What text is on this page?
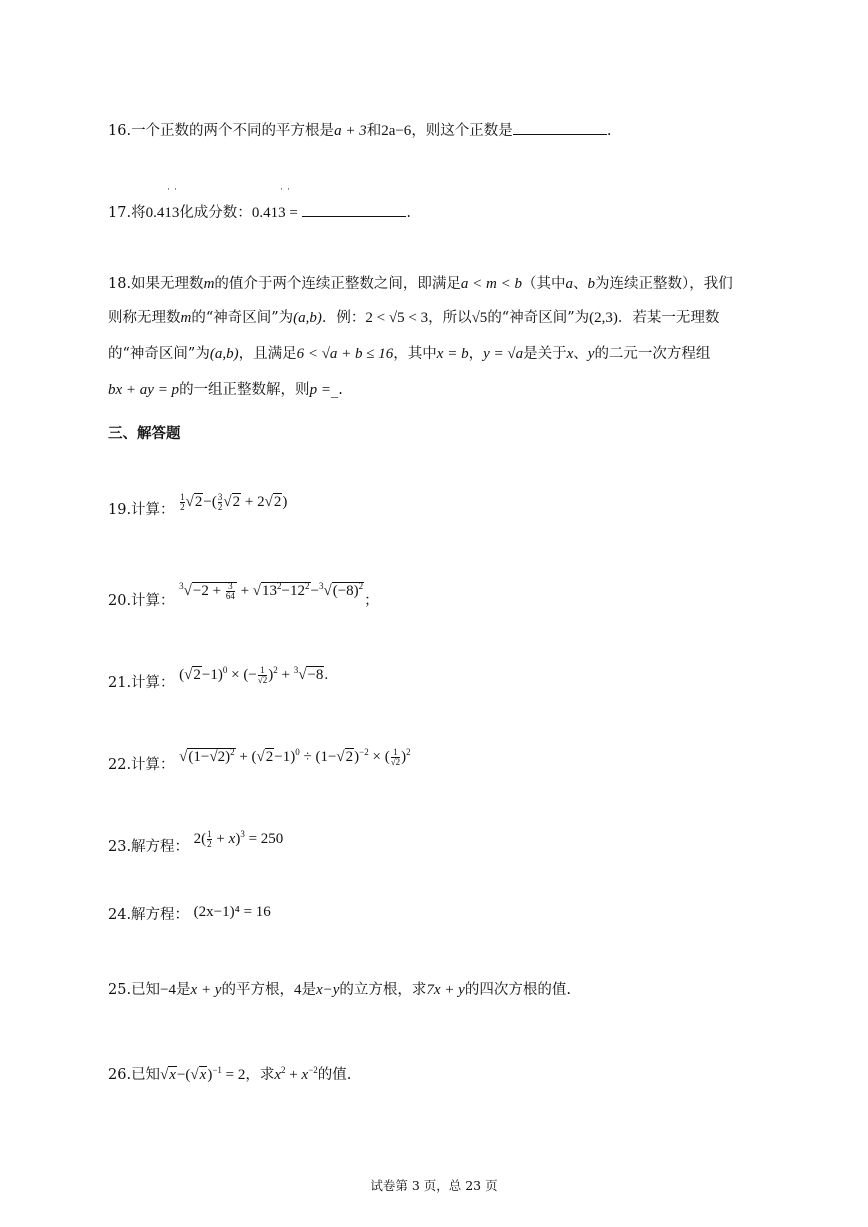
16.一个正数的两个不同的平方根是a + 3和2a−6，则这个正数是	.
˙˙	˙˙
17.将0.413化成分数：0.413 =	.
18.如果无理数m的值介于两个连续正整数之间，即满足a < m < b（其中a、b为连续正整数），我们
则称无理数m的“神奇区间”为(a,b)．例：2 < √5 < 3，所以√5的“神奇区间”为(2,3)．若某一无理数
的“神奇区间”为(a,b)，且满足6 < √a + b ≤ 16，其中x = b，y = √a是关于x、y的二元一次方程组
bx + ay = p的一组正整数解，则p =_.
三、解答题
19.计算： $\frac{1}{2} √2-( \frac{3}{2} √2 + 2√2)$
20.计算： $^3√-2 + \frac{3}{64} + √13^2-12^2-^3√(-8)^2$；
21.计算： $(√2-1)^0$ × (− $\frac{1}{√2} )^2 + ^3√-8$.
22.计算： $√(1-√2)^2 + (√2-1)^0 \div (1-√2)^{-2}$ × ( $\frac{1}{√2} )^2$
23.解方程： $2( \frac{1}{2} + x)^3 = 250$
24.解方程： (2x−1)⁴ = 16
25.已知−4是x + y的平方根，4是x−y的立方根，求7x + y的四次方根的值.
26.已知$√x-(√x)^{-1} = 2$，求$x^2 + x^{-2}$的值.
试卷第 3 页，总 23 页
